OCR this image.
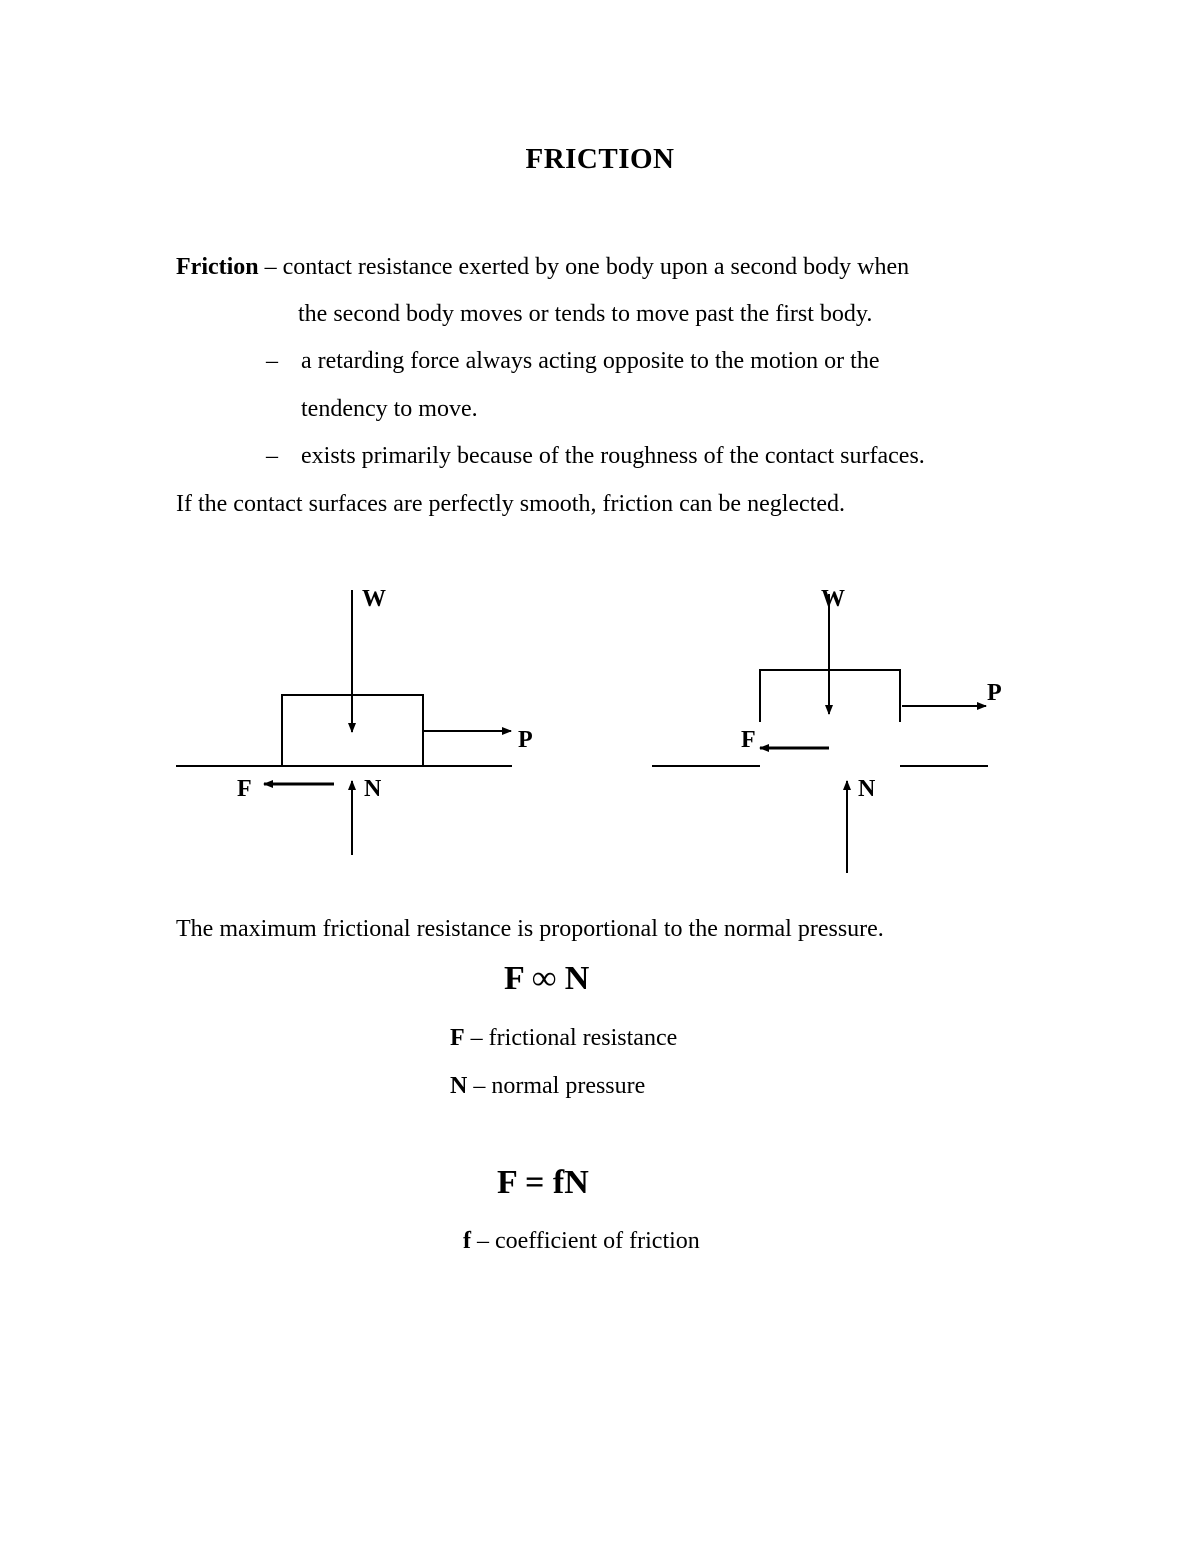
FRICTION
Friction – contact resistance exerted by one body upon a second body when
the second body moves or tends to move past the first body.
– a retarding force always acting opposite to the motion or the
tendency to move.
– exists primarily because of the roughness of the contact surfaces.
If the contact surfaces are perfectly smooth, friction can be neglected.
W
P
F	N
W
P
F
N
The maximum frictional resistance is proportional to the normal pressure.
F ∞ N
F – frictional resistance
N – normal pressure
F = fN
f – coefficient of friction
